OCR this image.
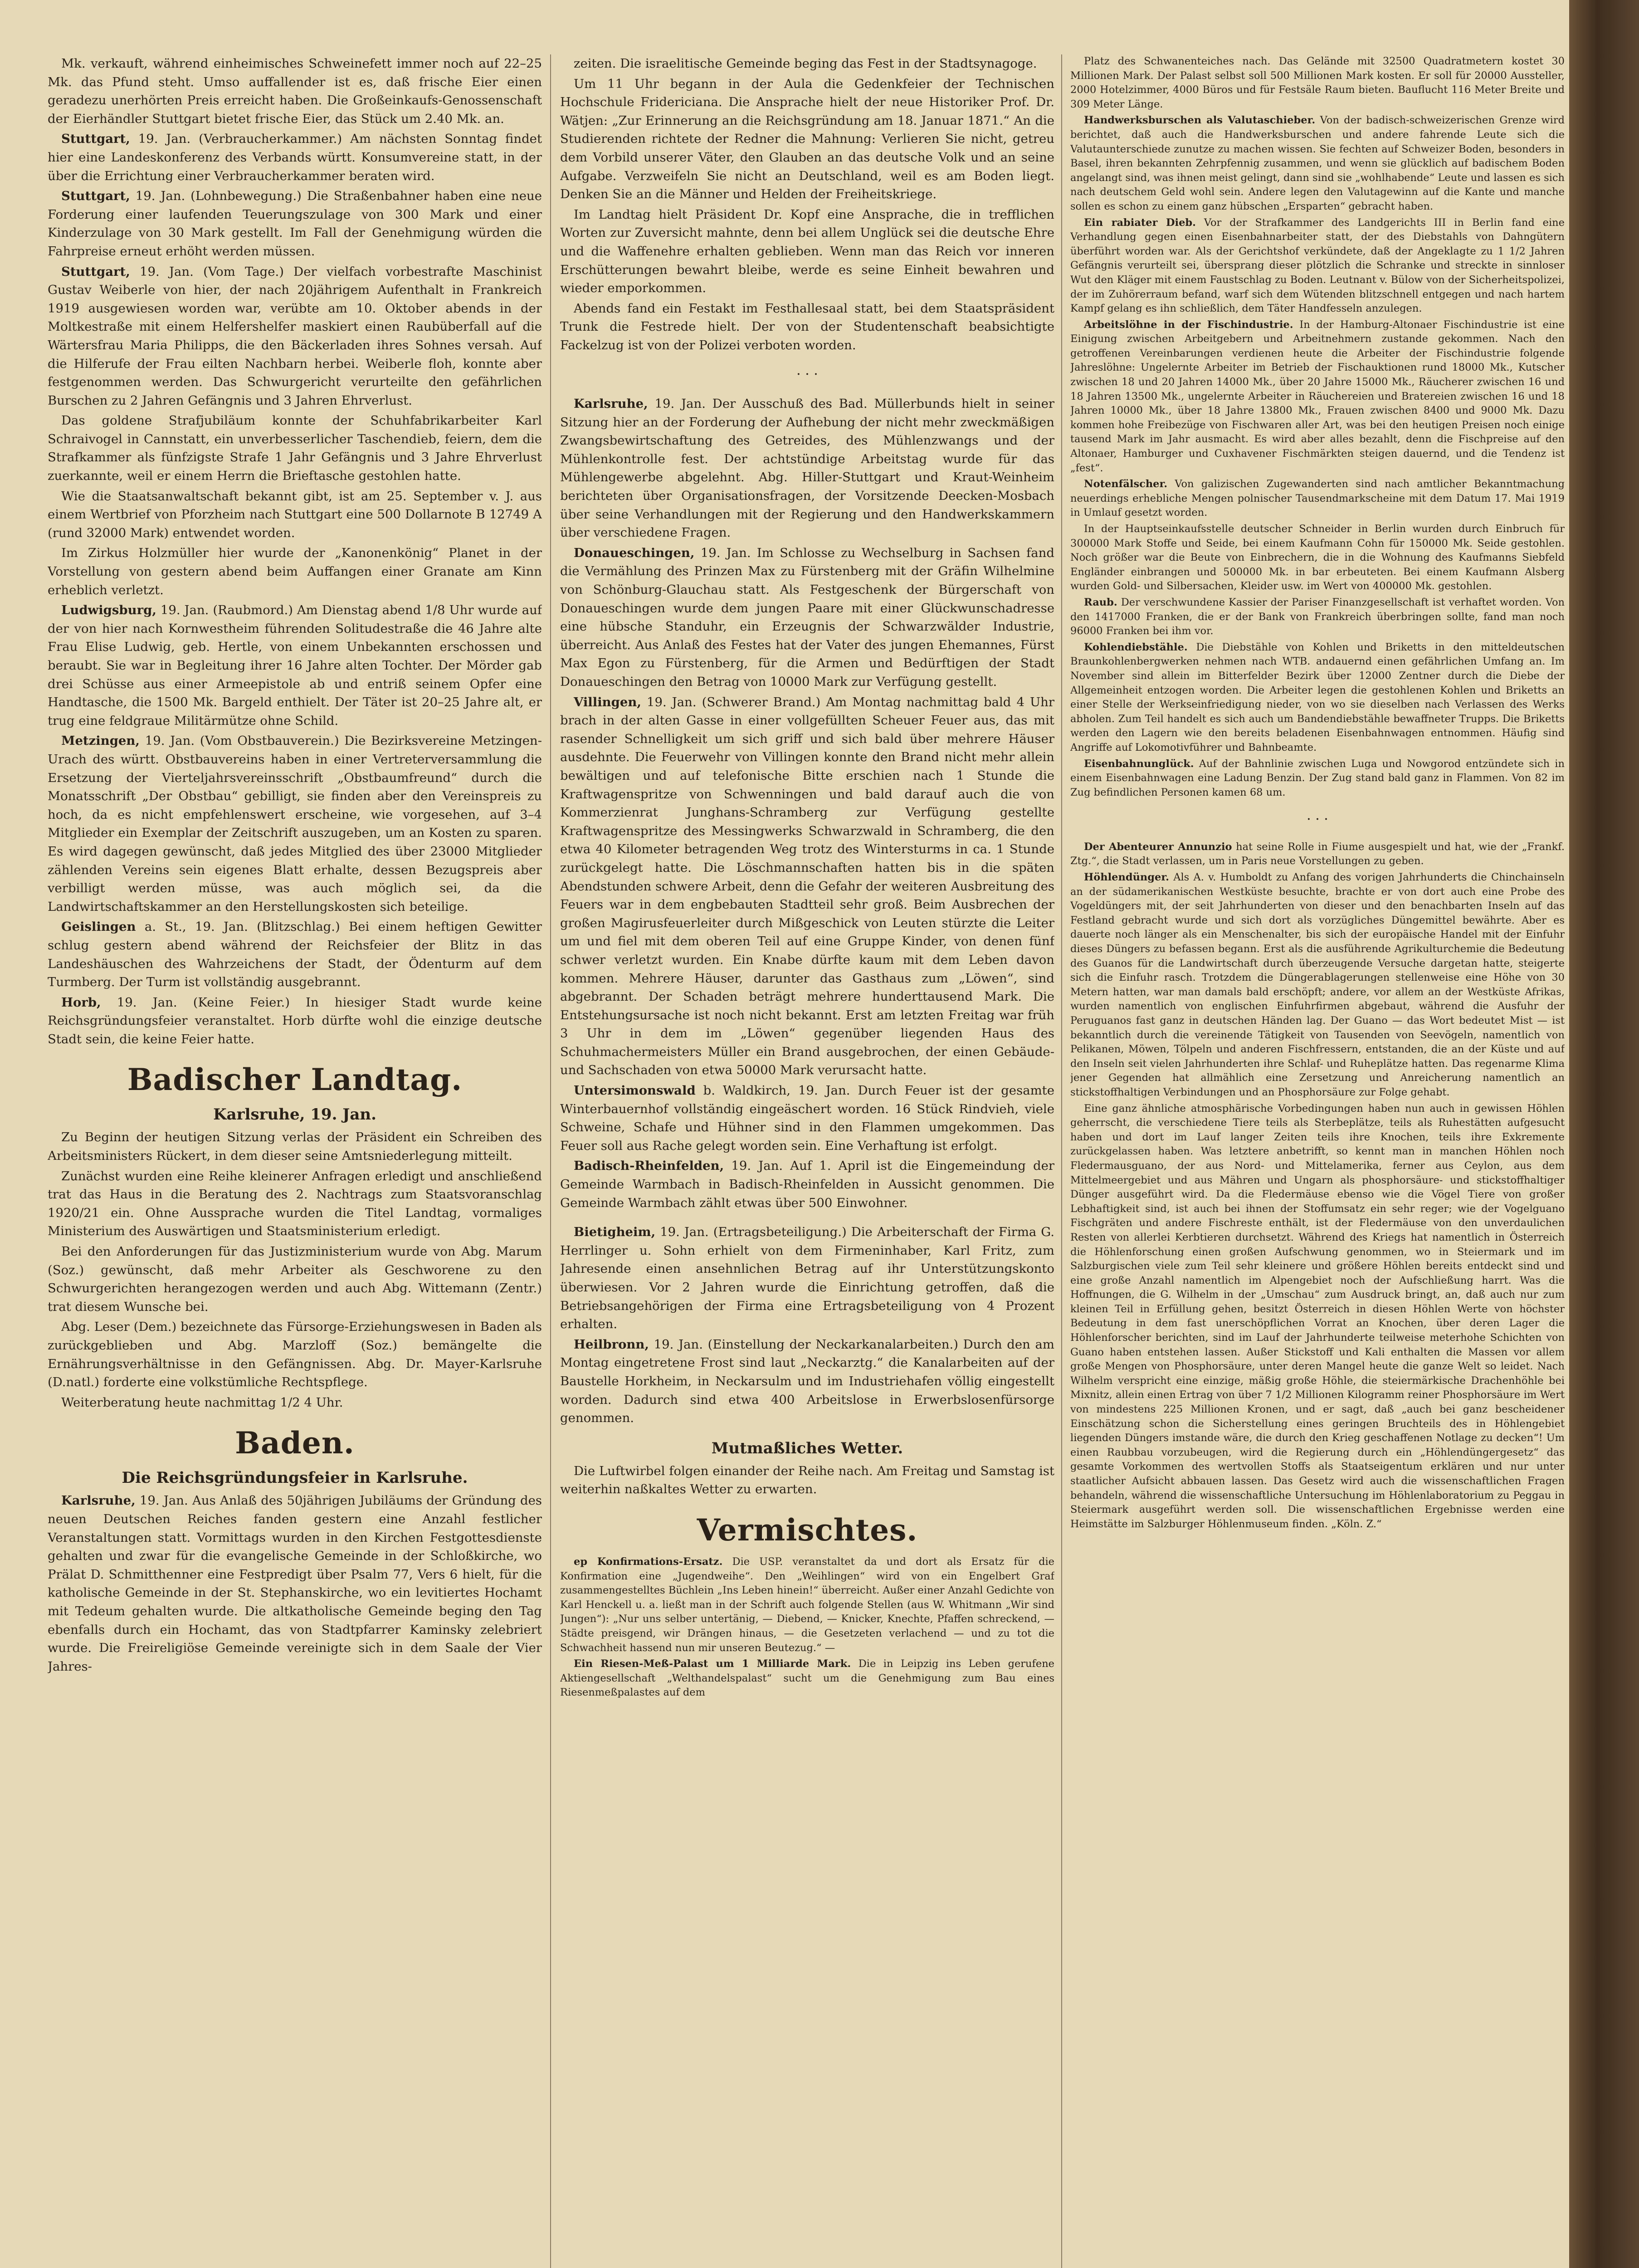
Mk. verkauft, während einheimisches Schweinefett immer noch auf 22–25 Mk. das Pfund steht. Umso auffallender ist es, daß frische Eier einen geradezu unerhörten Preis erreicht haben. Die Großeinkaufs-Genossenschaft der Eierhändler Stuttgart bietet frische Eier, das Stück um 2.40 Mk. an.

Stuttgart, 19. Jan. (Verbraucherkammer.) Am nächsten Sonntag findet hier eine Landeskonferenz des Verbands württ. Konsumvereine statt, in der über die Errichtung einer Verbraucherkammer beraten wird.

Stuttgart, 19. Jan. (Lohnbewegung.) Die Straßenbahner haben eine neue Forderung einer laufenden Teuerungszulage von 300 Mark und einer Kinderzulage von 30 Mark gestellt. Im Fall der Genehmigung würden die Fahrpreise erneut erhöht werden müssen.

Stuttgart, 19. Jan. (Vom Tage.) Der vielfach vorbestrafte Maschinist Gustav Weiberle von hier, der nach 20jährigem Aufenthalt in Frankreich 1919 ausgewiesen worden war, verübte am 10. Oktober abends in der Moltkestraße mit einem Helfershelfer maskiert einen Raubüberfall auf die Wärtersfrau Maria Philipps, die den Bäckerladen ihres Sohnes versah. Auf die Hilferufe der Frau eilten Nachbarn herbei. Weiberle floh, konnte aber festgenommen werden. Das Schwurgericht verurteilte den gefährlichen Burschen zu 2 Jahren Gefängnis und 3 Jahren Ehrverlust.

Das goldene Strafjubiläum konnte der Schuhfabrikarbeiter Karl Schraivogel in Cannstatt, ein unverbesserlicher Taschendieb, feiern, dem die Strafkammer als fünfzigste Strafe 1 Jahr Gefängnis und 3 Jahre Ehrverlust zuerkannte, weil er einem Herrn die Brieftasche gestohlen hatte.

Wie die Staatsanwaltschaft bekannt gibt, ist am 25. September v. J. aus einem Wertbrief von Pforzheim nach Stuttgart eine 500 Dollarnote B 12749 A (rund 32000 Mark) entwendet worden.

Im Zirkus Holzmüller hier wurde der „Kanonenkönig“ Planet in der Vorstellung von gestern abend beim Auffangen einer Granate am Kinn erheblich verletzt.

Ludwigsburg, 19. Jan. (Raubmord.) Am Dienstag abend 1/8 Uhr wurde auf der von hier nach Kornwestheim führenden Solitudestraße die 46 Jahre alte Frau Elise Ludwig, geb. Hertle, von einem Unbekannten erschossen und beraubt. Sie war in Begleitung ihrer 16 Jahre alten Tochter. Der Mörder gab drei Schüsse aus einer Armeepistole ab und entriß seinem Opfer eine Handtasche, die 1500 Mk. Bargeld enthielt. Der Täter ist 20–25 Jahre alt, er trug eine feldgraue Militärmütze ohne Schild.

Metzingen, 19. Jan. (Vom Obstbauverein.) Die Bezirksvereine Metzingen-Urach des württ. Obstbauvereins haben in einer Vertreterversammlung die Ersetzung der Vierteljahrsvereinsschrift „Obstbaumfreund“ durch die Monatsschrift „Der Obstbau“ gebilligt, sie finden aber den Vereinspreis zu hoch, da es nicht empfehlenswert erscheine, wie vorgesehen, auf 3–4 Mitglieder ein Exemplar der Zeitschrift auszugeben, um an Kosten zu sparen. Es wird dagegen gewünscht, daß jedes Mitglied des über 23000 Mitglieder zählenden Vereins sein eigenes Blatt erhalte, dessen Bezugspreis aber verbilligt werden müsse, was auch möglich sei, da die Landwirtschaftskammer an den Herstellungskosten sich beteilige.

Geislingen a. St., 19. Jan. (Blitzschlag.) Bei einem heftigen Gewitter schlug gestern abend während der Reichsfeier der Blitz in das Landeshäuschen des Wahrzeichens der Stadt, der Ödenturm auf dem Turmberg. Der Turm ist vollständig ausgebrannt.

Horb, 19. Jan. (Keine Feier.) In hiesiger Stadt wurde keine Reichsgründungsfeier veranstaltet. Horb dürfte wohl die einzige deutsche Stadt sein, die keine Feier hatte.

Badischer Landtag.
Karlsruhe, 19. Jan.

Zu Beginn der heutigen Sitzung verlas der Präsident ein Schreiben des Arbeitsministers Rückert, in dem dieser seine Amtsniederlegung mitteilt.

Zunächst wurden eine Reihe kleinerer Anfragen erledigt und anschließend trat das Haus in die Beratung des 2. Nachtrags zum Staatsvoranschlag 1920/21 ein. Ohne Aussprache wurden die Titel Landtag, vormaliges Ministerium des Auswärtigen und Staatsministerium erledigt.

Bei den Anforderungen für das Justizministerium wurde von Abg. Marum (Soz.) gewünscht, daß mehr Arbeiter als Geschworene zu den Schwurgerichten herangezogen werden und auch Abg. Wittemann (Zentr.) trat diesem Wunsche bei.

Abg. Leser (Dem.) bezeichnete das Fürsorge-Erziehungswesen in Baden als zurückgeblieben und Abg. Marzloff (Soz.) bemängelte die Ernährungsverhältnisse in den Gefängnissen. Abg. Dr. Mayer-Karlsruhe (D.natl.) forderte eine volkstümliche Rechtspflege.

Weiterberatung heute nachmittag 1/2 4 Uhr.

Baden.
Die Reichsgründungsfeier in Karlsruhe.

Karlsruhe, 19. Jan. Aus Anlaß des 50jährigen Jubiläums der Gründung des neuen Deutschen Reiches fanden gestern eine Anzahl festlicher Veranstaltungen statt. Vormittags wurden in den Kirchen Festgottesdienste gehalten und zwar für die evangelische Gemeinde in der Schloßkirche, wo Prälat D. Schmitthenner eine Festpredigt über Psalm 77, Vers 6 hielt, für die katholische Gemeinde in der St. Stephanskirche, wo ein levitiertes Hochamt mit Tedeum gehalten wurde. Die altkatholische Gemeinde beging den Tag ebenfalls durch ein Hochamt, das von Stadtpfarrer Kaminsky zelebriert wurde. Die Freireligiöse Gemeinde vereinigte sich in dem Saale der Vier Jahres-

zeiten. Die israelitische Gemeinde beging das Fest in der Stadtsynagoge.

Um 11 Uhr begann in der Aula die Gedenkfeier der Technischen Hochschule Fridericiana. Die Ansprache hielt der neue Historiker Prof. Dr. Wätjen: „Zur Erinnerung an die Reichsgründung am 18. Januar 1871.“ An die Studierenden richtete der Redner die Mahnung: Verlieren Sie nicht, getreu dem Vorbild unserer Väter, den Glauben an das deutsche Volk und an seine Aufgabe. Verzweifeln Sie nicht an Deutschland, weil es am Boden liegt. Denken Sie an die Männer und Helden der Freiheitskriege.

Im Landtag hielt Präsident Dr. Kopf eine Ansprache, die in trefflichen Worten zur Zuversicht mahnte, denn bei allem Unglück sei die deutsche Ehre und die Waffenehre erhalten geblieben. Wenn man das Reich vor inneren Erschütterungen bewahrt bleibe, werde es seine Einheit bewahren und wieder emporkommen.

Abends fand ein Festakt im Festhallesaal statt, bei dem Staatspräsident Trunk die Festrede hielt. Der von der Studentenschaft beabsichtigte Fackelzug ist von der Polizei verboten worden.

· · ·

Karlsruhe, 19. Jan. Der Ausschuß des Bad. Müllerbunds hielt in seiner Sitzung hier an der Forderung der Aufhebung der nicht mehr zweckmäßigen Zwangsbewirtschaftung des Getreides, des Mühlenzwangs und der Mühlenkontrolle fest. Der achtstündige Arbeitstag wurde für das Mühlengewerbe abgelehnt. Abg. Hiller-Stuttgart und Kraut-Weinheim berichteten über Organisationsfragen, der Vorsitzende Deecken-Mosbach über seine Verhandlungen mit der Regierung und den Handwerkskammern über verschiedene Fragen.

Donaueschingen, 19. Jan. Im Schlosse zu Wechselburg in Sachsen fand die Vermählung des Prinzen Max zu Fürstenberg mit der Gräfin Wilhelmine von Schönburg-Glauchau statt. Als Festgeschenk der Bürgerschaft von Donaueschingen wurde dem jungen Paare mit einer Glückwunschadresse eine hübsche Standuhr, ein Erzeugnis der Schwarzwälder Industrie, überreicht. Aus Anlaß des Festes hat der Vater des jungen Ehemannes, Fürst Max Egon zu Fürstenberg, für die Armen und Bedürftigen der Stadt Donaueschingen den Betrag von 10000 Mark zur Verfügung gestellt.

Villingen, 19. Jan. (Schwerer Brand.) Am Montag nachmittag bald 4 Uhr brach in der alten Gasse in einer vollgefüllten Scheuer Feuer aus, das mit rasender Schnelligkeit um sich griff und sich bald über mehrere Häuser ausdehnte. Die Feuerwehr von Villingen konnte den Brand nicht mehr allein bewältigen und auf telefonische Bitte erschien nach 1 Stunde die Kraftwagenspritze von Schwenningen und bald darauf auch die von Kommerzienrat Junghans-Schramberg zur Verfügung gestellte Kraftwagenspritze des Messingwerks Schwarzwald in Schramberg, die den etwa 40 Kilometer betragenden Weg trotz des Wintersturms in ca. 1 Stunde zurückgelegt hatte. Die Löschmannschaften hatten bis in die späten Abendstunden schwere Arbeit, denn die Gefahr der weiteren Ausbreitung des Feuers war in dem engbebauten Stadtteil sehr groß. Beim Ausbrechen der großen Magirusfeuerleiter durch Mißgeschick von Leuten stürzte die Leiter um und fiel mit dem oberen Teil auf eine Gruppe Kinder, von denen fünf schwer verletzt wurden. Ein Knabe dürfte kaum mit dem Leben davon kommen. Mehrere Häuser, darunter das Gasthaus zum „Löwen“, sind abgebrannt. Der Schaden beträgt mehrere hunderttausend Mark. Die Entstehungsursache ist noch nicht bekannt. Erst am letzten Freitag war früh 3 Uhr in dem im „Löwen“ gegenüber liegenden Haus des Schuhmachermeisters Müller ein Brand ausgebrochen, der einen Gebäude- und Sachschaden von etwa 50000 Mark verursacht hatte.

Untersimonswald b. Waldkirch, 19. Jan. Durch Feuer ist der gesamte Winterbauernhof vollständig eingeäschert worden. 16 Stück Rindvieh, viele Schweine, Schafe und Hühner sind in den Flammen umgekommen. Das Feuer soll aus Rache gelegt worden sein. Eine Verhaftung ist erfolgt.

Badisch-Rheinfelden, 19. Jan. Auf 1. April ist die Eingemeindung der Gemeinde Warmbach in Badisch-Rheinfelden in Aussicht genommen. Die Gemeinde Warmbach zählt etwas über 500 Einwohner.

Bietigheim, 19. Jan. (Ertragsbeteiligung.) Die Arbeiterschaft der Firma G. Herrlinger u. Sohn erhielt von dem Firmeninhaber, Karl Fritz, zum Jahresende einen ansehnlichen Betrag auf ihr Unterstützungskonto überwiesen. Vor 2 Jahren wurde die Einrichtung getroffen, daß die Betriebsangehörigen der Firma eine Ertragsbeteiligung von 4 Prozent erhalten.

Heilbronn, 19. Jan. (Einstellung der Neckarkanalarbeiten.) Durch den am Montag eingetretene Frost sind laut „Neckarztg.“ die Kanalarbeiten auf der Baustelle Horkheim, in Neckarsulm und im Industriehafen völlig eingestellt worden. Dadurch sind etwa 400 Arbeitslose in Erwerbslosenfürsorge genommen.

Mutmaßliches Wetter.

Die Luftwirbel folgen einander der Reihe nach. Am Freitag und Samstag ist weiterhin naßkaltes Wetter zu erwarten.

Vermischtes.

ep Konfirmations-Ersatz. Die USP. veranstaltet da und dort als Ersatz für die Konfirmation eine „Jugendweihe“. Den „Weihlingen“ wird von ein Engelbert Graf zusammengestelltes Büchlein „Ins Leben hinein!“ überreicht. Außer einer Anzahl Gedichte von Karl Henckell u. a. ließt man in der Schrift auch folgende Stellen (aus W. Whitmann „Wir sind Jungen“): „Nur uns selber untertänig, — Diebend, — Knicker, Knechte, Pfaffen schreckend, — Städte preisgend, wir Drängen hinaus, — die Gesetzeten verlachend — und zu tot die Schwachheit hassend nun mir unseren Beutezug.“ —

Ein Riesen-Meß-Palast um 1 Milliarde Mark. Die in Leipzig ins Leben gerufene Aktiengesellschaft „Welthandelspalast“ sucht um die Genehmigung zum Bau eines Riesenmeßpalastes auf dem

Platz des Schwanenteiches nach. Das Gelände mit 32500 Quadratmetern kostet 30 Millionen Mark. Der Palast selbst soll 500 Millionen Mark kosten. Er soll für 20000 Aussteller, 2000 Hotelzimmer, 4000 Büros und für Festsäle Raum bieten. Bauflucht 116 Meter Breite und 309 Meter Länge.

Handwerksburschen als Valutaschieber. Von der badisch-schweizerischen Grenze wird berichtet, daß auch die Handwerksburschen und andere fahrende Leute sich die Valutaunterschiede zunutze zu machen wissen. Sie fechten auf Schweizer Boden, besonders in Basel, ihren bekannten Zehrpfennig zusammen, und wenn sie glücklich auf badischem Boden angelangt sind, was ihnen meist gelingt, dann sind sie „wohlhabende“ Leute und lassen es sich nach deutschem Geld wohl sein. Andere legen den Valutagewinn auf die Kante und manche sollen es schon zu einem ganz hübschen „Ersparten“ gebracht haben.

Ein rabiater Dieb. Vor der Strafkammer des Landgerichts III in Berlin fand eine Verhandlung gegen einen Eisenbahnarbeiter statt, der des Diebstahls von Dahngütern überführt worden war. Als der Gerichtshof verkündete, daß der Angeklagte zu 1 1/2 Jahren Gefängnis verurteilt sei, übersprang dieser plötzlich die Schranke und streckte in sinnloser Wut den Kläger mit einem Faustschlag zu Boden. Leutnant v. Bülow von der Sicherheitspolizei, der im Zuhörerraum befand, warf sich dem Wütenden blitzschnell entgegen und nach hartem Kampf gelang es ihn schließlich, dem Täter Handfesseln anzulegen.

Arbeitslöhne in der Fischindustrie. In der Hamburg-Altonaer Fischindustrie ist eine Einigung zwischen Arbeitgebern und Arbeitnehmern zustande gekommen. Nach den getroffenen Vereinbarungen verdienen heute die Arbeiter der Fischindustrie folgende Jahreslöhne: Ungelernte Arbeiter im Betrieb der Fischauktionen rund 18000 Mk., Kutscher zwischen 18 und 20 Jahren 14000 Mk., über 20 Jahre 15000 Mk., Räucherer zwischen 16 und 18 Jahren 13500 Mk., ungelernte Arbeiter in Räuchereien und Bratereien zwischen 16 und 18 Jahren 10000 Mk., über 18 Jahre 13800 Mk., Frauen zwischen 8400 und 9000 Mk. Dazu kommen hohe Freibezüge von Fischwaren aller Art, was bei den heutigen Preisen noch einige tausend Mark im Jahr ausmacht. Es wird aber alles bezahlt, denn die Fischpreise auf den Altonaer, Hamburger und Cuxhavener Fischmärkten steigen dauernd, und die Tendenz ist „fest“.

Notenfälscher. Von galizischen Zugewanderten sind nach amtlicher Bekanntmachung neuerdings erhebliche Mengen polnischer Tausendmarkscheine mit dem Datum 17. Mai 1919 in Umlauf gesetzt worden.

In der Hauptseinkaufsstelle deutscher Schneider in Berlin wurden durch Einbruch für 300000 Mark Stoffe und Seide, bei einem Kaufmann Cohn für 150000 Mk. Seide gestohlen. Noch größer war die Beute von Einbrechern, die in die Wohnung des Kaufmanns Siebfeld Engländer einbrangen und 500000 Mk. in bar erbeuteten. Bei einem Kaufmann Alsberg wurden Gold- und Silbersachen, Kleider usw. im Wert von 400000 Mk. gestohlen.

Raub. Der verschwundene Kassier der Pariser Finanzgesellschaft ist verhaftet worden. Von den 1417000 Franken, die er der Bank von Frankreich überbringen sollte, fand man noch 96000 Franken bei ihm vor.

Kohlendiebstähle. Die Diebstähle von Kohlen und Briketts in den mitteldeutschen Braunkohlenbergwerken nehmen nach WTB. andauernd einen gefährlichen Umfang an. Im November sind allein im Bitterfelder Bezirk über 12000 Zentner durch die Diebe der Allgemeinheit entzogen worden. Die Arbeiter legen die gestohlenen Kohlen und Briketts an einer Stelle der Werkseinfriedigung nieder, von wo sie dieselben nach Verlassen des Werks abholen. Zum Teil handelt es sich auch um Bandendiebstähle bewaffneter Trupps. Die Briketts werden den Lagern wie den bereits beladenen Eisenbahnwagen entnommen. Häufig sind Angriffe auf Lokomotivführer und Bahnbeamte.

Eisenbahnunglück. Auf der Bahnlinie zwischen Luga und Nowgorod entzündete sich in einem Eisenbahnwagen eine Ladung Benzin. Der Zug stand bald ganz in Flammen. Von 82 im Zug befindlichen Personen kamen 68 um.

· · ·

Der Abenteurer Annunzio hat seine Rolle in Fiume ausgespielt und hat, wie der „Frankf. Ztg.“, die Stadt verlassen, um in Paris neue Vorstellungen zu geben.

Höhlendünger. Als A. v. Humboldt zu Anfang des vorigen Jahrhunderts die Chinchainseln an der südamerikanischen Westküste besuchte, brachte er von dort auch eine Probe des Vogeldüngers mit, der seit Jahrhunderten von dieser und den benachbarten Inseln auf das Festland gebracht wurde und sich dort als vorzügliches Düngemittel bewährte. Aber es dauerte noch länger als ein Menschenalter, bis sich der europäische Handel mit der Einfuhr dieses Düngers zu befassen begann. Erst als die ausführende Agrikulturchemie die Bedeutung des Guanos für die Landwirtschaft durch überzeugende Versuche dargetan hatte, steigerte sich die Einfuhr rasch. Trotzdem die Düngerablagerungen stellenweise eine Höhe von 30 Metern hatten, war man damals bald erschöpft; andere, vor allem an der Westküste Afrikas, wurden namentlich von englischen Einfuhrfirmen abgebaut, während die Ausfuhr der Peruguanos fast ganz in deutschen Händen lag. Der Guano — das Wort bedeutet Mist — ist bekanntlich durch die vereinende Tätigkeit von Tausenden von Seevögeln, namentlich von Pelikanen, Möwen, Tölpeln und anderen Fischfressern, entstanden, die an der Küste und auf den Inseln seit vielen Jahrhunderten ihre Schlaf- und Ruheplätze hatten. Das regenarme Klima jener Gegenden hat allmählich eine Zersetzung und Anreicherung namentlich an stickstoffhaltigen Verbindungen und an Phosphorsäure zur Folge gehabt.

Eine ganz ähnliche atmosphärische Vorbedingungen haben nun auch in gewissen Höhlen geherrscht, die verschiedene Tiere teils als Sterbeplätze, teils als Ruhestätten aufgesucht haben und dort im Lauf langer Zeiten teils ihre Knochen, teils ihre Exkremente zurückgelassen haben. Was letztere anbetrifft, so kennt man in manchen Höhlen noch Fledermausguano, der aus Nord- und Mittelamerika, ferner aus Ceylon, aus dem Mittelmeergebiet und aus Mähren und Ungarn als phosphorsäure- und stickstoffhaltiger Dünger ausgeführt wird. Da die Fledermäuse ebenso wie die Vögel Tiere von großer Lebhaftigkeit sind, ist auch bei ihnen der Stoffumsatz ein sehr reger; wie der Vogelguano Fischgräten und andere Fischreste enthält, ist der Fledermäuse von den unverdaulichen Resten von allerlei Kerbtieren durchsetzt. Während des Kriegs hat namentlich in Österreich die Höhlenforschung einen großen Aufschwung genommen, wo in Steiermark und im Salzburgischen viele zum Teil sehr kleinere und größere Höhlen bereits entdeckt sind und eine große Anzahl namentlich im Alpengebiet noch der Aufschließung harrt. Was die Hoffnungen, die G. Wilhelm in der „Umschau“ zum Ausdruck bringt, an, daß auch nur zum kleinen Teil in Erfüllung gehen, besitzt Österreich in diesen Höhlen Werte von höchster Bedeutung in dem fast unerschöpflichen Vorrat an Knochen, über deren Lager die Höhlenforscher berichten, sind im Lauf der Jahrhunderte teilweise meterhohe Schichten von Guano haben entstehen lassen. Außer Stickstoff und Kali enthalten die Massen vor allem große Mengen von Phosphorsäure, unter deren Mangel heute die ganze Welt so leidet. Nach Wilhelm verspricht eine einzige, mäßig große Höhle, die steiermärkische Drachenhöhle bei Mixnitz, allein einen Ertrag von über 7 1/2 Millionen Kilogramm reiner Phosphorsäure im Wert von mindestens 225 Millionen Kronen, und er sagt, daß „auch bei ganz bescheidener Einschätzung schon die Sicherstellung eines geringen Bruchteils des in Höhlengebiet liegenden Düngers imstande wäre, die durch den Krieg geschaffenen Notlage zu decken“! Um einen Raubbau vorzubeugen, wird die Regierung durch ein „Höhlendüngergesetz“ das gesamte Vorkommen des wertvollen Stoffs als Staatseigentum erklären und nur unter staatlicher Aufsicht abbauen lassen. Das Gesetz wird auch die wissenschaftlichen Fragen behandeln, während die wissenschaftliche Untersuchung im Höhlenlaboratorium zu Peggau in Steiermark ausgeführt werden soll. Die wissenschaftlichen Ergebnisse werden eine Heimstätte im Salzburger Höhlenmuseum finden. „Köln. Z.“
